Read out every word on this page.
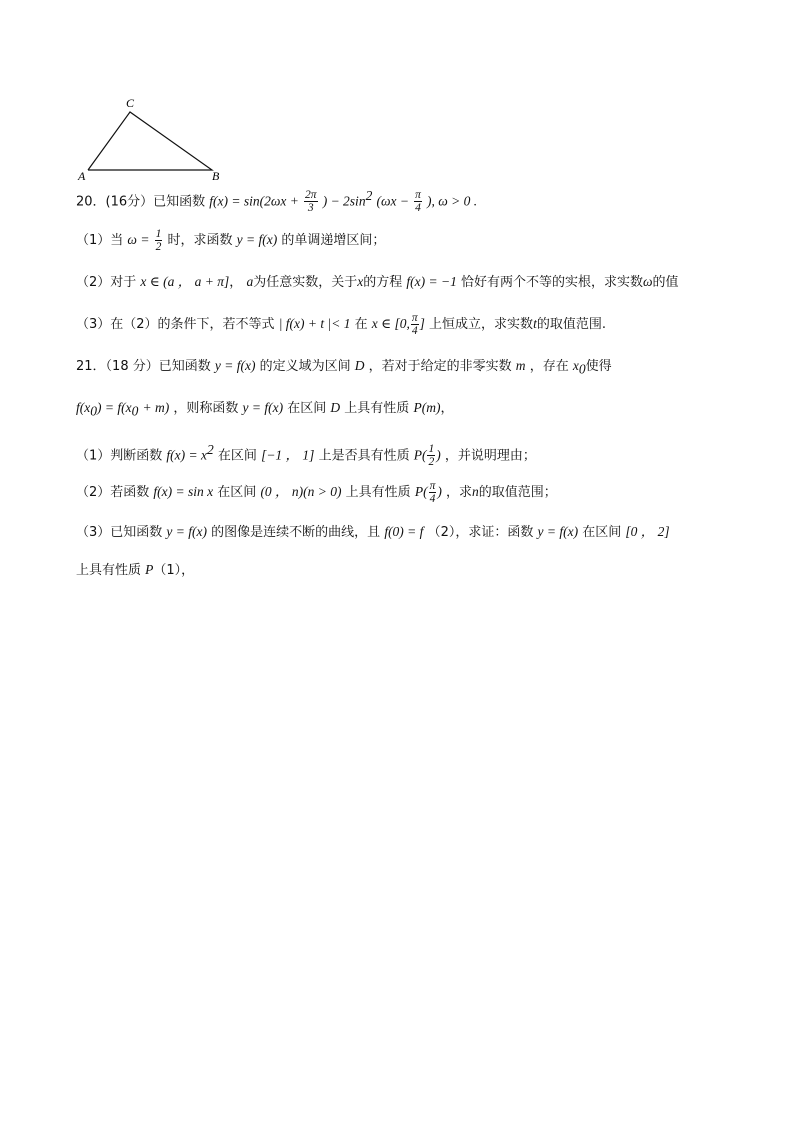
C
A	B
20．(16分）已知函数 $f(x) = \sin(2\omega x + \frac{2\pi}{3}$ ) − $2\sin^2$ ($\omega x - \frac{\pi}{4}$ ), ω > 0 .
（1）当 $\omega = \frac{1}{2}$ 时，求函数 y = f(x) 的单调递增区间；
（2）对于 x ∈ (a ， a + π]， a为任意实数，关于x的方程 f(x) = −1 恰好有两个不等的实根，求实数ω的值
（3）在（2）的条件下，若不等式 | f(x) + t |< 1 在 x ∈ [0, $\frac{\pi}{4}$ ] 上恒成立，求实数t的取值范围.
21．（18 分）已知函数 y = f(x) 的定义域为区间 D ，若对于给定的非零实数 m ，存在 $x_0$使得
$f(x_0) = f(x_0 + m)$ ，则称函数 y = f(x) 在区间 D 上具有性质 P(m)，
（1）判断函数 $f(x) = x^2$ 在区间 [−1 ， 1] 上是否具有性质 $P( \frac{1}{2}$ ) ，并说明理由；
（2）若函数 f(x) = sin x 在区间 (0 ， n)(n > 0) 上具有性质 $P( \frac{\pi}{4}$ ) ，求n的取值范围；
（3）已知函数 y = f(x) 的图像是连续不断的曲线，且 f(0) = f （2），求证：函数 y = f(x) 在区间 [0 ， 2]
上具有性质 P（1），
